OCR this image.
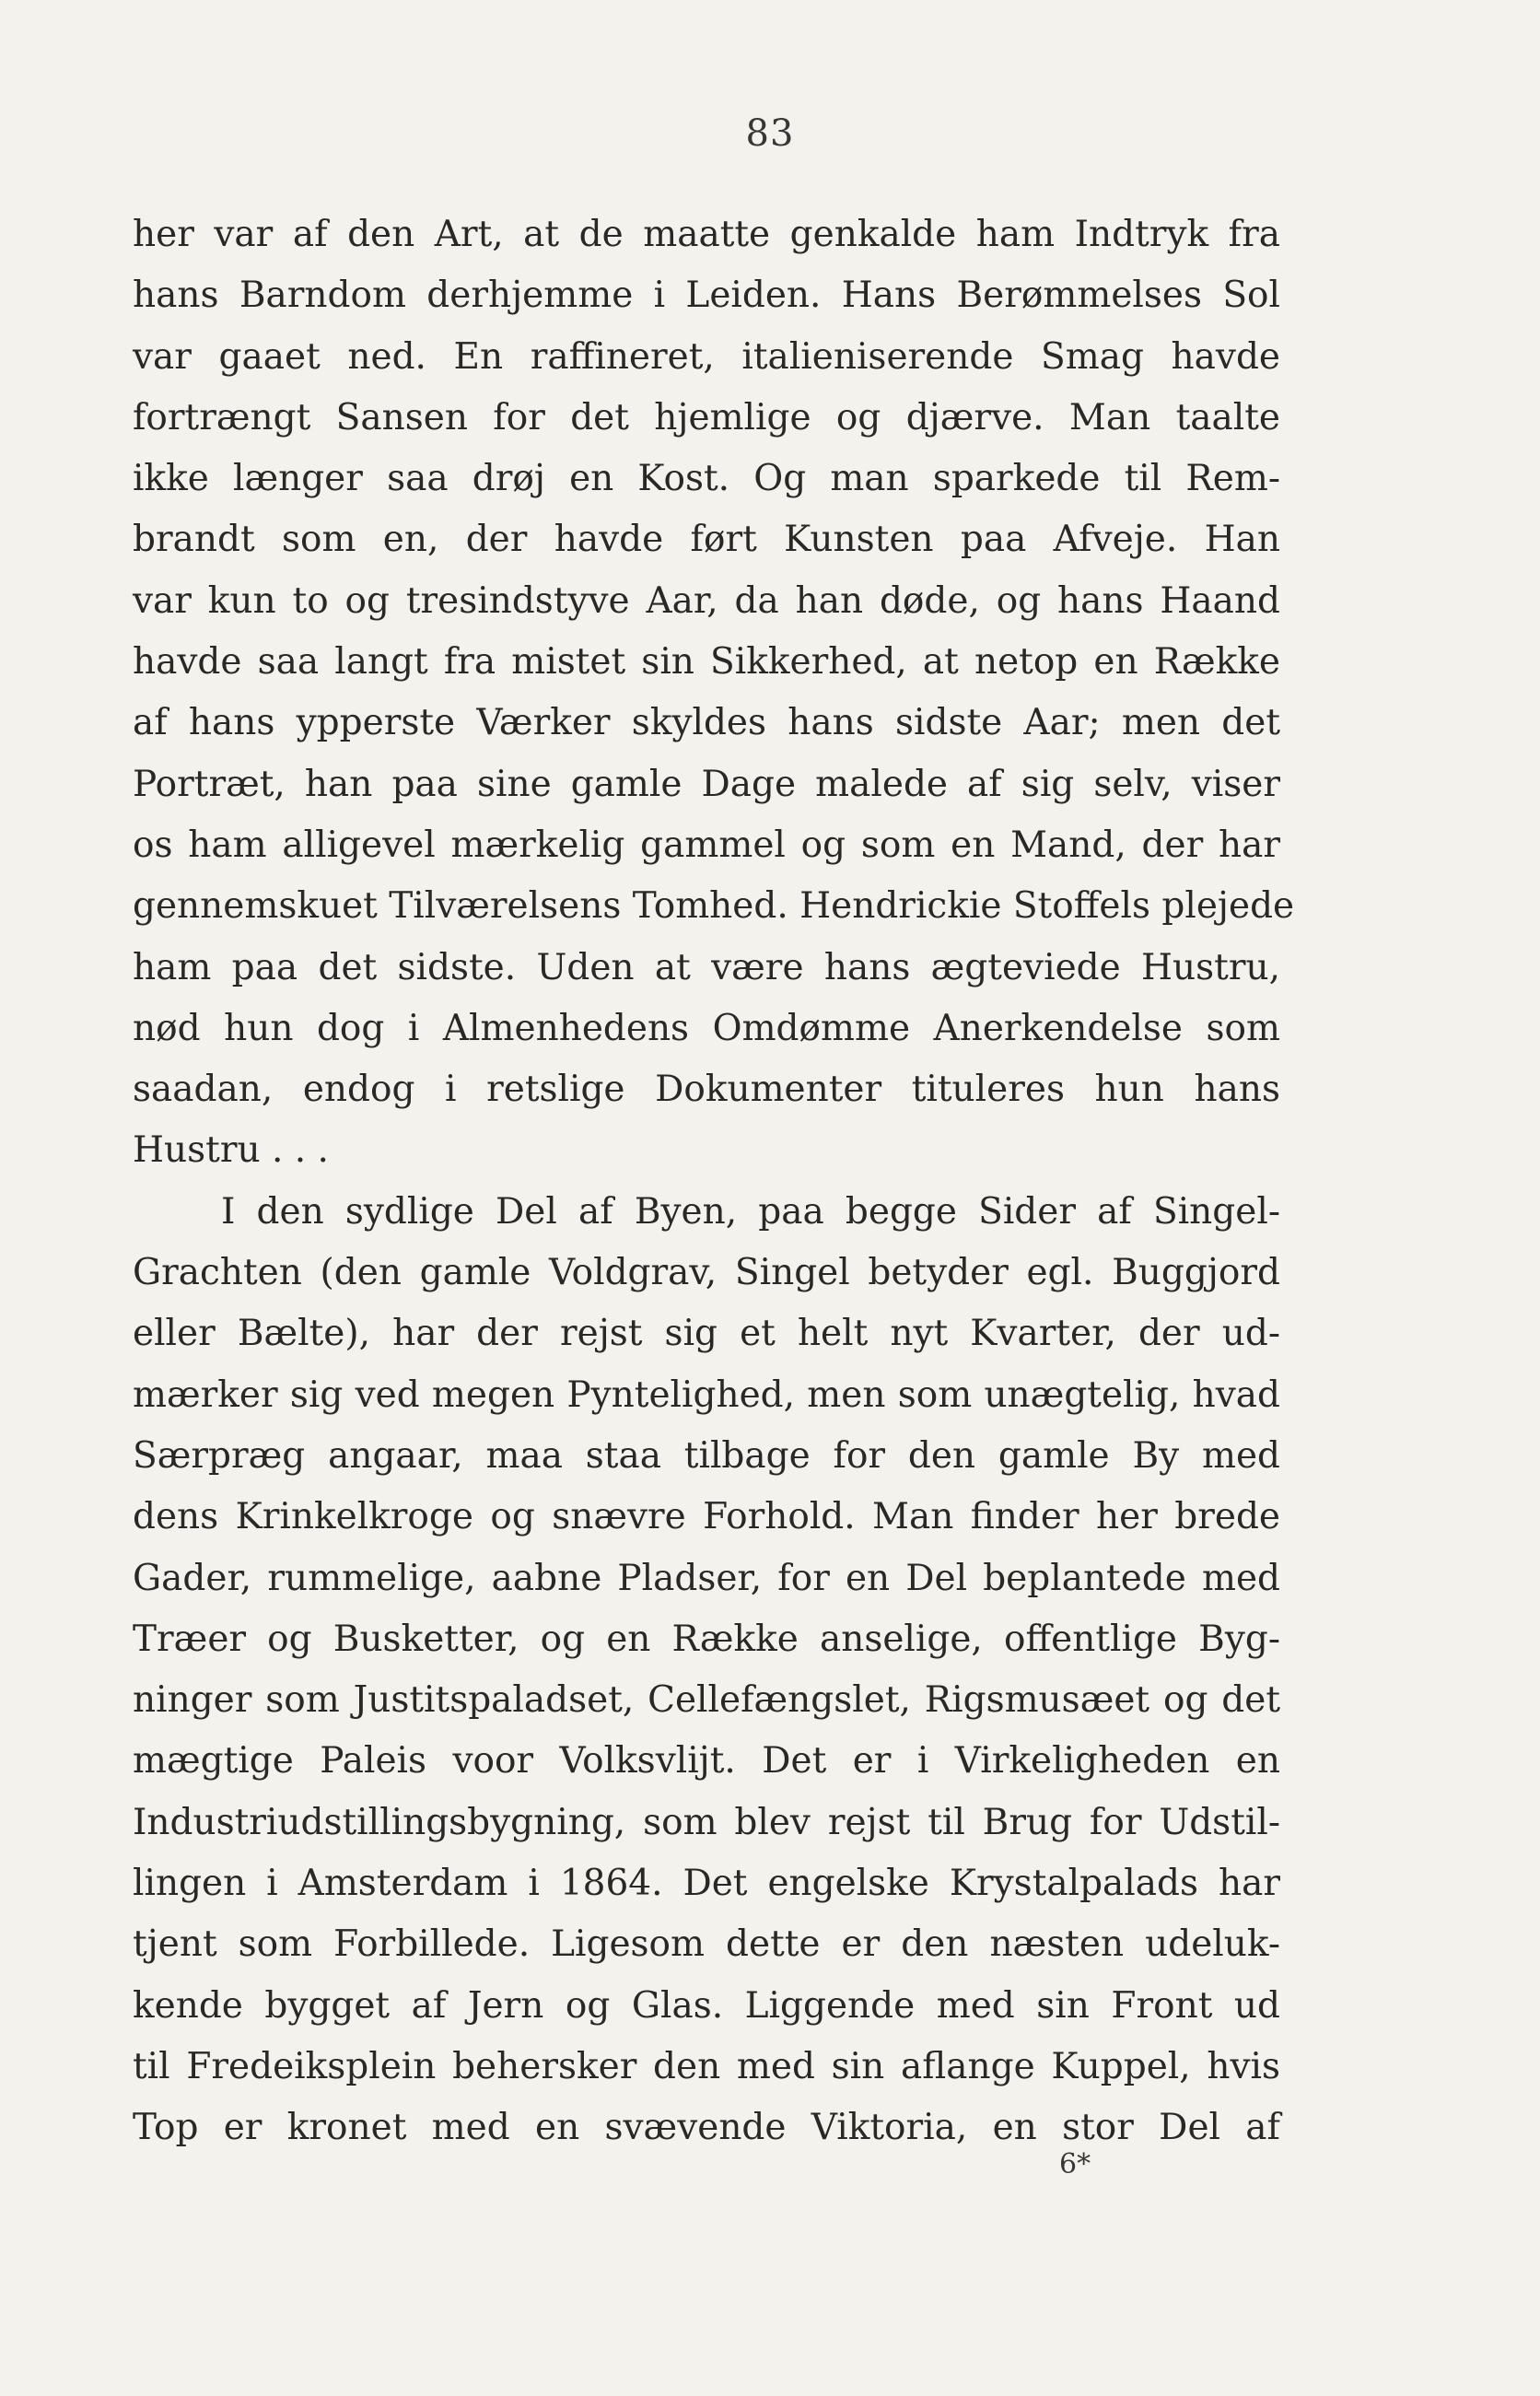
83
her var af den Art, at de maatte genkalde ham Indtryk fra
hans Barndom derhjemme i Leiden. Hans Berømmelses Sol
var gaaet ned. En raffineret, italieniserende Smag havde
fortrængt Sansen for det hjemlige og djærve. Man taalte
ikke længer saa drøj en Kost. Og man sparkede til Rem-
brandt som en, der havde ført Kunsten paa Afveje. Han
var kun to og tresindstyve Aar, da han døde, og hans Haand
havde saa langt fra mistet sin Sikkerhed, at netop en Række
af hans ypperste Værker skyldes hans sidste Aar; men det
Portræt, han paa sine gamle Dage malede af sig selv, viser
os ham alligevel mærkelig gammel og som en Mand, der har
gennemskuet Tilværelsens Tomhed. Hendrickie Stoffels plejede
ham paa det sidste. Uden at være hans ægteviede Hustru,
nød hun dog i Almenhedens Omdømme Anerkendelse som
saadan, endog i retslige Dokumenter tituleres hun hans
Hustru . . .
I den sydlige Del af Byen, paa begge Sider af Singel-
Grachten (den gamle Voldgrav, Singel betyder egl. Buggjord
eller Bælte), har der rejst sig et helt nyt Kvarter, der ud-
mærker sig ved megen Pyntelighed, men som unægtelig, hvad
Særpræg angaar, maa staa tilbage for den gamle By med
dens Krinkelkroge og snævre Forhold. Man finder her brede
Gader, rummelige, aabne Pladser, for en Del beplantede med
Træer og Busketter, og en Række anselige, offentlige Byg-
ninger som Justitspaladset, Cellefængslet, Rigsmusæet og det
mægtige Paleis voor Volksvlijt. Det er i Virkeligheden en
Industriudstillingsbygning, som blev rejst til Brug for Udstil-
lingen i Amsterdam i 1864. Det engelske Krystalpalads har
tjent som Forbillede. Ligesom dette er den næsten udeluk-
kende bygget af Jern og Glas. Liggende med sin Front ud
til Fredeiksplein behersker den med sin aflange Kuppel, hvis
Top er kronet med en svævende Viktoria, en stor Del af
6*
